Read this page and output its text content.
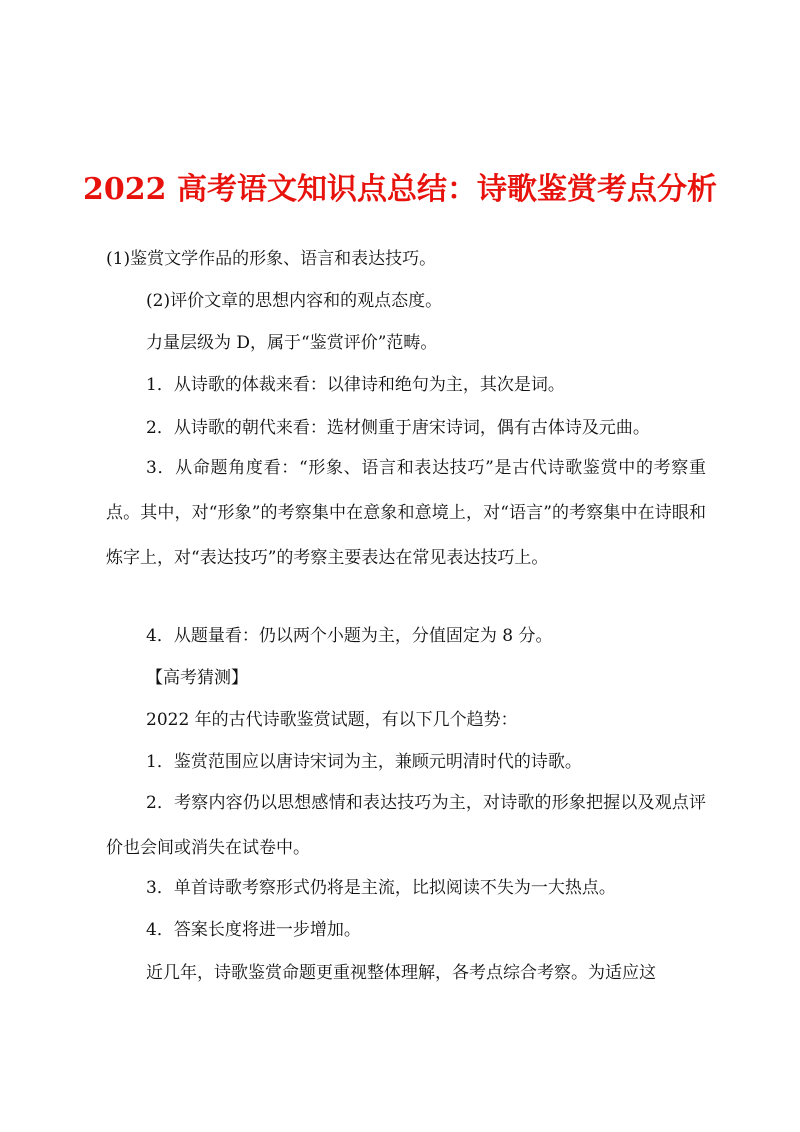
2022 高考语文知识点总结：诗歌鉴赏考点分析
(1)鉴赏文学作品的形象、语言和表达技巧。
(2)评价文章的思想内容和的观点态度。
力量层级为 D，属于“鉴赏评价”范畴。
1．从诗歌的体裁来看：以律诗和绝句为主，其次是词。
2．从诗歌的朝代来看：选材侧重于唐宋诗词，偶有古体诗及元曲。
3．从命题角度看：“形象、语言和表达技巧”是古代诗歌鉴赏中的考察重点。其中，对“形象”的考察集中在意象和意境上，对“语言”的考察集中在诗眼和炼字上，对“表达技巧”的考察主要表达在常见表达技巧上。
4．从题量看：仍以两个小题为主，分值固定为 8 分。
【高考猜测】
2022 年的古代诗歌鉴赏试题，有以下几个趋势：
1．鉴赏范围应以唐诗宋词为主，兼顾元明清时代的诗歌。
2．考察内容仍以思想感情和表达技巧为主，对诗歌的形象把握以及观点评价也会间或消失在试卷中。
3．单首诗歌考察形式仍将是主流，比拟阅读不失为一大热点。
4．答案长度将进一步增加。
近几年，诗歌鉴赏命题更重视整体理解，各考点综合考察。为适应这
